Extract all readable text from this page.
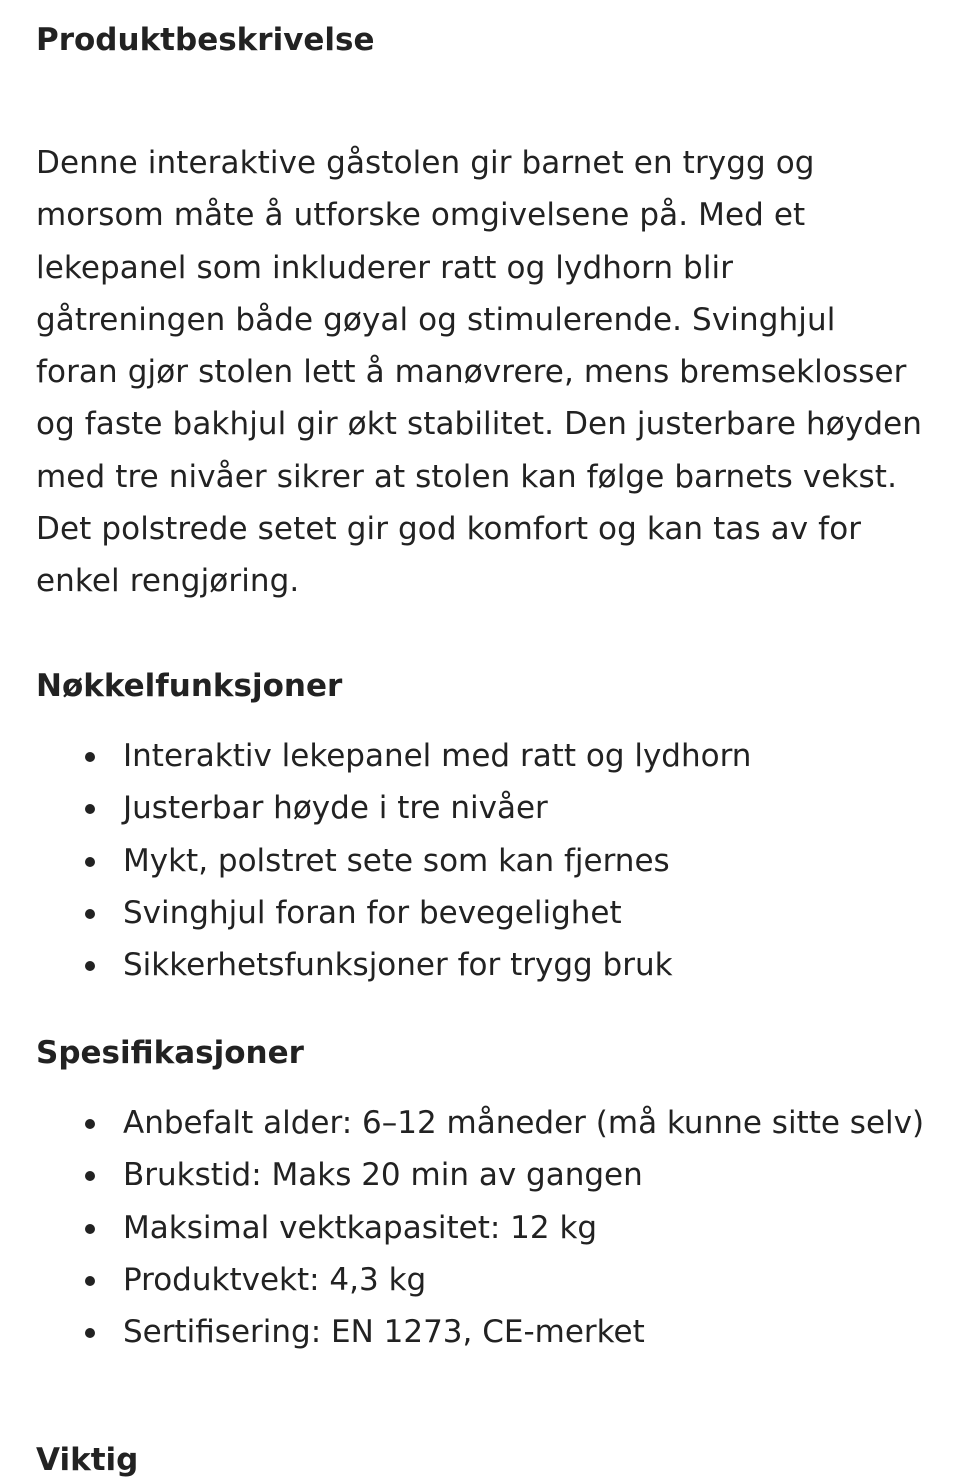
Produktbeskrivelse

Denne interaktive gåstolen gir barnet en trygg og morsom måte å utforske omgivelsene på. Med et lekepanel som inkluderer ratt og lydhorn blir gåtreningen både gøyal og stimulerende. Svinghjul foran gjør stolen lett å manøvrere, mens bremseklosser og faste bakhjul gir økt stabilitet. Den justerbare høyden med tre nivåer sikrer at stolen kan følge barnets vekst. Det polstrede setet gir god komfort og kan tas av for enkel rengjøring.

Nøkkelfunksjoner
Interaktiv lekepanel med ratt og lydhorn
Justerbar høyde i tre nivåer
Mykt, polstret sete som kan fjernes
Svinghjul foran for bevegelighet
Sikkerhetsfunksjoner for trygg bruk
Spesifikasjoner
Anbefalt alder: 6–12 måneder (må kunne sitte selv)
Brukstid: Maks 20 min av gangen
Maksimal vektkapasitet: 12 kg
Produktvekt: 4,3 kg
Sertifisering: EN 1273, CE-merket
Viktig
